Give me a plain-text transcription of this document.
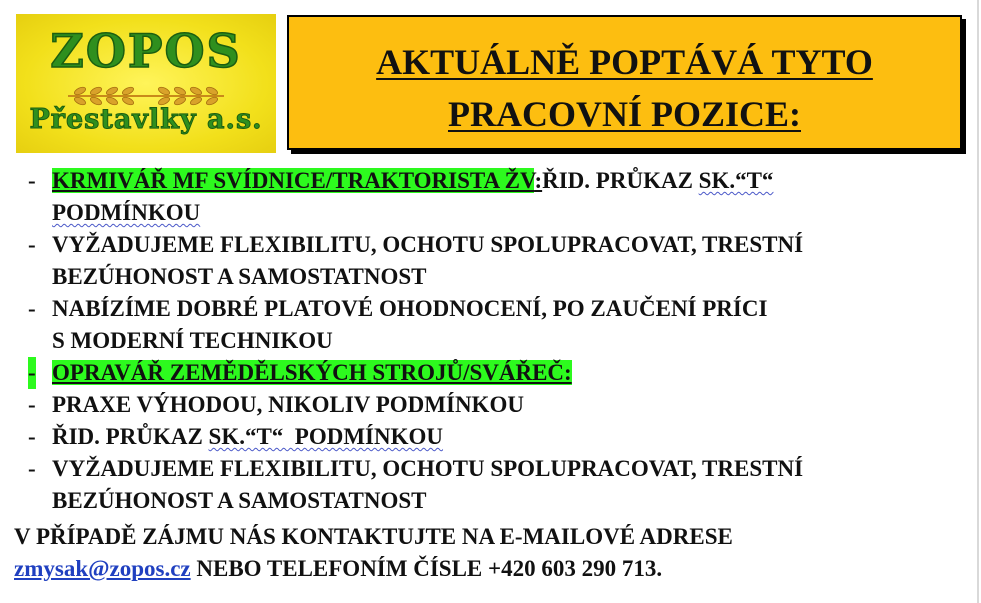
ZOPOS
Přestavlky a.s.
AKTUÁLNĚ POPTÁVÁ TYTO
PRACOVNÍ POZICE:
- KRMIVÁŘ MF SVÍDNICE/TRAKTORISTA ŽV:ŘID. PRŮKAZ SK.“T“
PODMÍNKOU
- VYŽADUJEME FLEXIBILITU, OCHOTU SPOLUPRACOVAT, TRESTNÍ
BEZÚHONOST A SAMOSTATNOST
- NABÍZÍME DOBRÉ PLATOVÉ OHODNOCENÍ, PO ZAUČENÍ PRÍCI
S MODERNÍ TECHNIKOU
- OPRAVÁŘ ZEMĚDĚLSKÝCH STROJŮ/SVÁŘEČ:
- PRAXE VÝHODOU, NIKOLIV PODMÍNKOU
- ŘID. PRŮKAZ SK.“T“  PODMÍNKOU
- VYŽADUJEME FLEXIBILITU, OCHOTU SPOLUPRACOVAT, TRESTNÍ
BEZÚHONOST A SAMOSTATNOST
V PŘÍPADĚ ZÁJMU NÁS KONTAKTUJTE NA E-MAILOVÉ ADRESE
zmysak@zopos.cz NEBO TELEFONÍM ČÍSLE +420 603 290 713.
